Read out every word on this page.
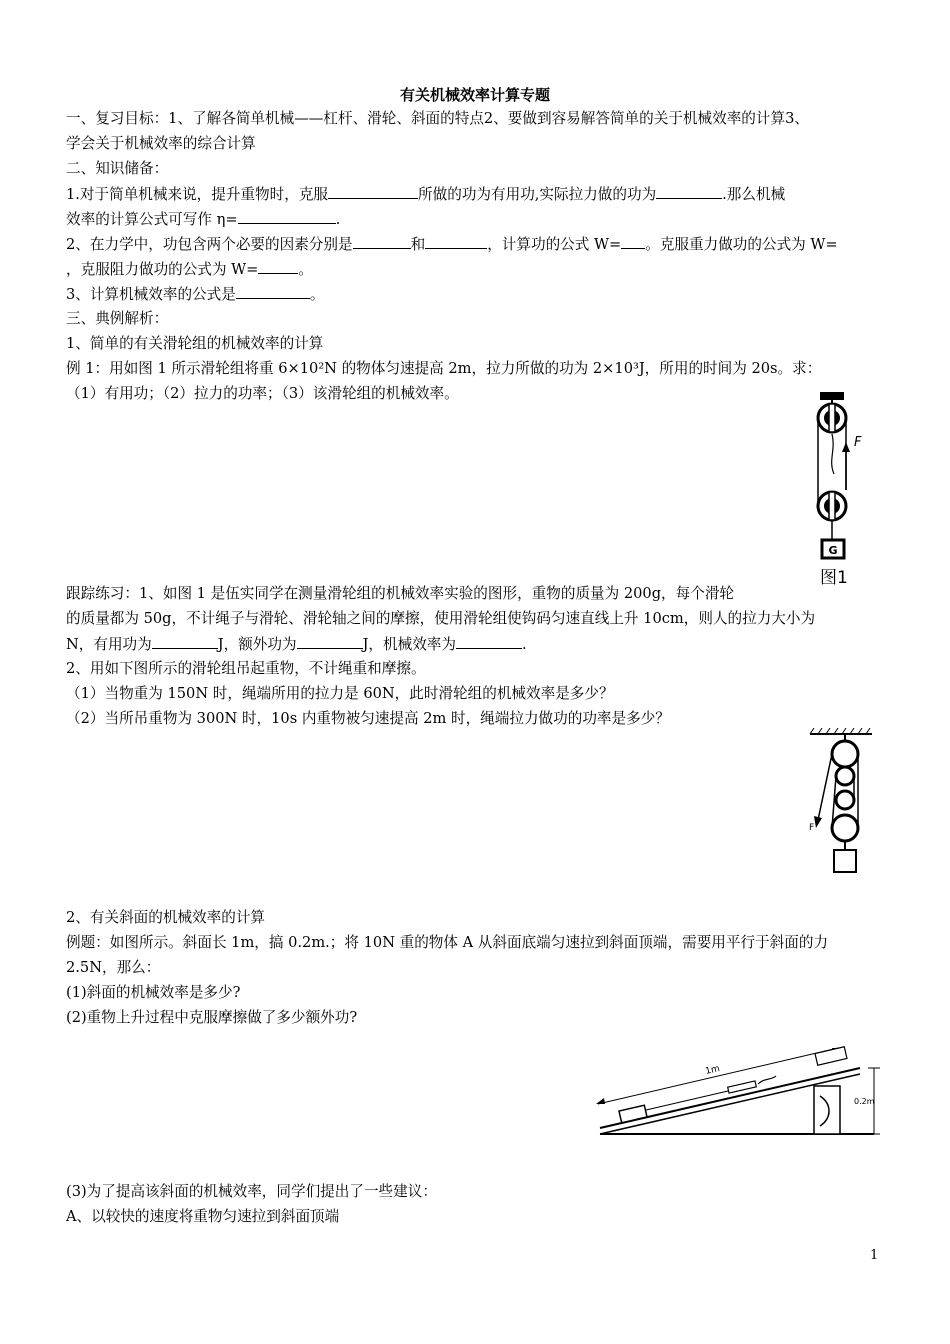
有关机械效率计算专题
一、复习目标：1、了解各简单机械——杠杆、滑轮、斜面的特点2、要做到容易解答简单的关于机械效率的计算3、
学会关于机械效率的综合计算
二、知识储备：
1.对于简单机械来说，提升重物时，克服	所做的功为有用功,实际拉力做的功为	.那么机械
效率的计算公式可写作 η=	.
2、在力学中，功包含两个必要的因素分别是	和	，计算功的公式 W= 。克服重力做功的公式为 W=
，克服阻力做功的公式为 W=	。
3、计算机械效率的公式是	。
三、典例解析：
1、简单的有关滑轮组的机械效率的计算
例 1：用如图 1 所示滑轮组将重 6×10²N 的物体匀速提高 2m，拉力所做的功为 2×10³J，所用的时间为 20s。求：
（1）有用功；（2）拉力的功率；（3）该滑轮组的机械效率。
G
F
图1
跟踪练习：1、如图 1 是伍实同学在测量滑轮组的机械效率实验的图形，重物的质量为 200g，每个滑轮
的质量都为 50g，不计绳子与滑轮、滑轮轴之间的摩擦，使用滑轮组使钩码匀速直线上升 10cm，则人的拉力大小为
N，有用功为	J，额外功为	J，机械效率为	.
2、用如下图所示的滑轮组吊起重物，不计绳重和摩擦。
（1）当物重为 150N 时，绳端所用的拉力是 60N，此时滑轮组的机械效率是多少？
（2）当所吊重物为 300N 时，10s 内重物被匀速提高 2m 时，绳端拉力做功的功率是多少？
F
2、有关斜面的机械效率的计算
例题：如图所示。斜面长 1m，搞 0.2m.；将 10N 重的物体 A 从斜面底端匀速拉到斜面顶端，需要用平行于斜面的力
2.5N，那么：
(1)斜面的机械效率是多少?
(2)重物上升过程中克服摩擦做了多少额外功?
1m
0.2m
(3)为了提高该斜面的机械效率，同学们提出了一些建议：
A、以较快的速度将重物匀速拉到斜面顶端
1
